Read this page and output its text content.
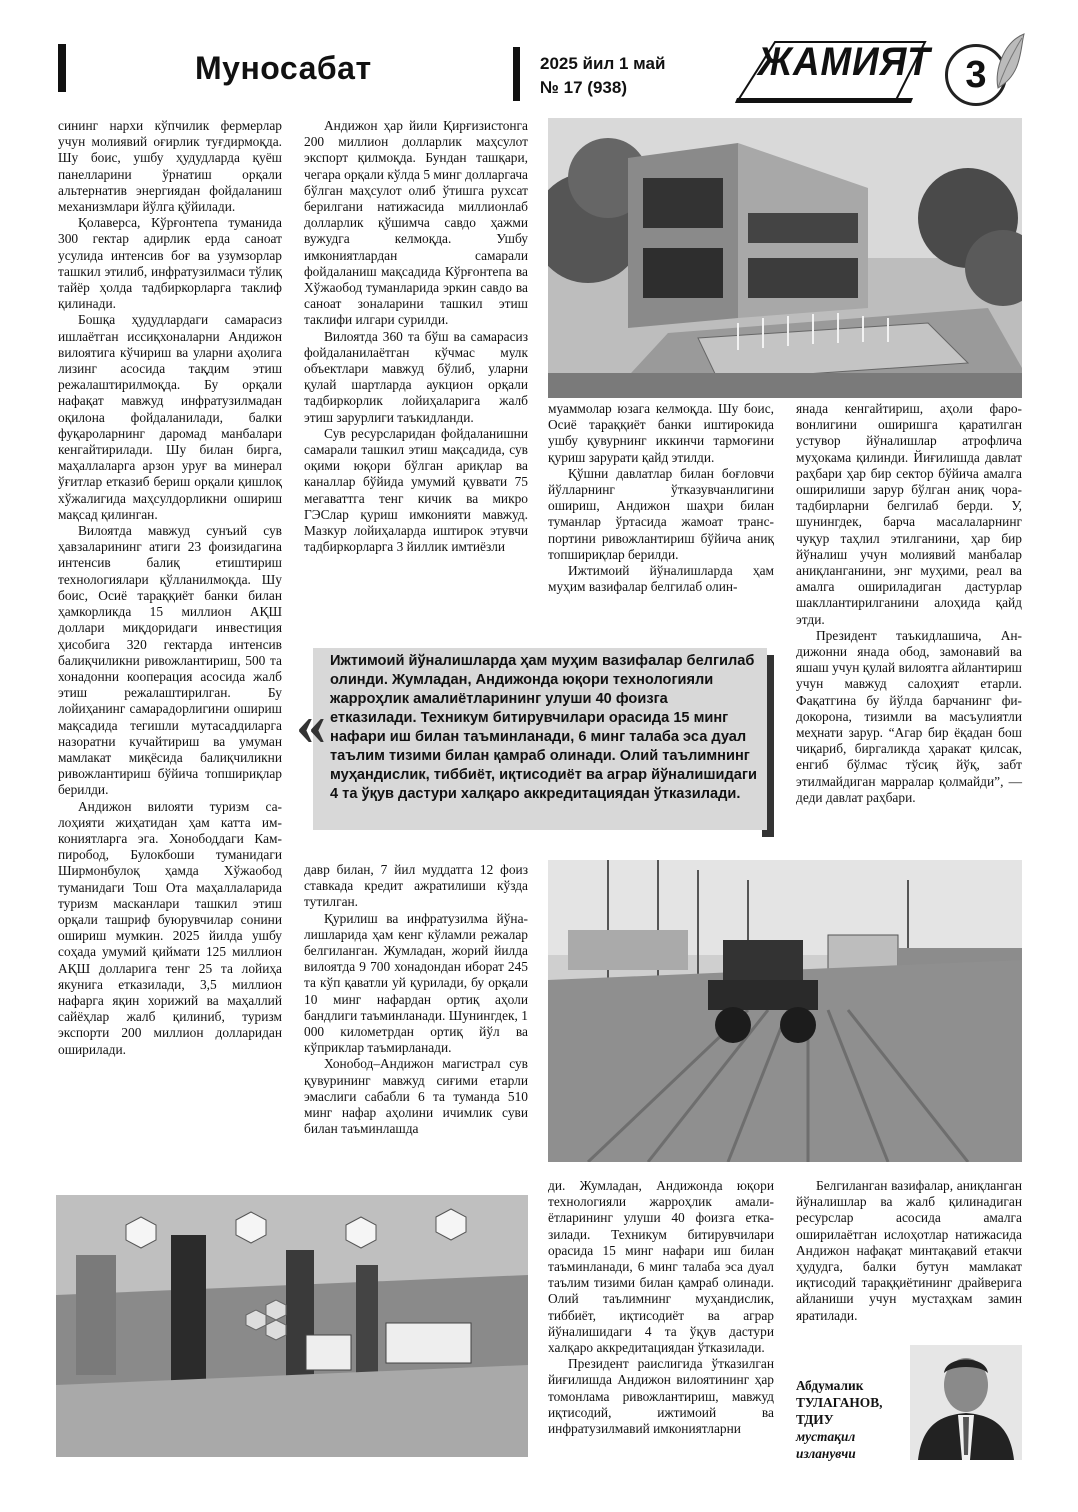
Муносабат	2025 йил 1 май
№ 17 (938)
ЖАМИЯТ 3

сининг нархи кўпчилик фермерлар учун молиявий оғирлик туғдирмоқда. Шу боис, ушбу ҳудудларда қуёш панелларини ўрнатиш орқали альтернатив энергиядан фойдаланиш механизмлари йўлга қўйилади.

Қолаверса, Кўрғонтепа туманида 300 гектар адирлик ерда саноат усулида интенсив боғ ва узумзорлар ташкил этилиб, инфратузилмаси тўлиқ тайёр ҳолда тадбиркорларга таклиф қилинади.

Бошқа ҳудудлардаги самарасиз ишлаётган иссиқхоналарни Андижон вилоятига кўчириш ва уларни аҳолига лизинг асосида тақдим этиш режалаштирилмоқда. Бу орқали нафақат мавжуд инфратузилмадан оқилона фойдаланилади, балки фуқароларнинг даромад манбалари кенгайтирилади. Шу билан бирга, маҳаллаларга арзон уруғ ва минерал ўғитлар етказиб бериш орқали қишлоқ хўжалигида маҳсулдорликни ошириш мақсад қилинган.

Вилоятда мавжуд сунъий сув ҳавзаларининг атиги 23 фоизидагина интенсив балиқ етиштириш технологиялари қўлланилмоқда. Шу боис, Осиё тараққиёт банки билан ҳамкорликда 15 миллион АҚШ доллари миқдоридаги инвестиция ҳисобига 320 гектарда интенсив балиқчиликни ривожлантириш, 500 та хонадонни кооперация асосида жалб этиш режалаштирилган. Бу лойиҳанинг самарадорлигини ошириш мақсадида тегишли мутасаддиларга назоратни кучайтириш ва умуман мамлакат миқёсида балиқчиликни ривожлантириш бўйича топшириқлар берилди.

Андижон вилояти туризм салоҳияти жиҳатидан ҳам катта имкониятларга эга. Хонободдаги Кампиробод, Булокбоши туманидаги Ширмонбулоқ ҳамда Хўжаобод туманидаги Тош Ота маҳаллаларида туризм масканлари ташкил этиш орқали ташриф буюрувчилар сонини ошириш мумкин. 2025 йилда ушбу соҳада умумий қиймати 125 миллион АҚШ долларига тенг 25 та лойиҳа якунига етказилади, 3,5 миллион нафарга яқин хорижий ва маҳаллий сайёҳлар жалб қилиниб, туризм экспорти 200 миллион долларидан оширилади.

Андижон ҳар йили Қирғизистонга 200 миллион долларлик маҳсулот экспорт қилмоқда. Бундан ташқари, чегара орқали кўлда 5 минг долларгача бўлган маҳсулот олиб ўтишга рухсат берилгани натижасида миллионлаб долларлик қўшимча савдо ҳажми вужудга келмоқда. Ушбу имкониятлардан самарали фойдаланиш мақсадида Кўрғонтепа ва Хўжаобод туманларида эркин савдо ва саноат зоналарини ташкил этиш таклифи илгари сурилди.

Вилоятда 360 та бўш ва самарасиз фойдаланилаётган кўчмас мулк объектлари мавжуд бўлиб, уларни қулай шартларда аукцион орқали тадбиркорлик лойиҳаларига жалб этиш зарурлиги таъкидланди.

Сув ресурсларидан фойдаланишни самарали ташкил этиш мақсадида, сув оқими юқори бўлган ариқлар ва каналлар бўйида умумий қуввати 75 мегаваттга тенг кичик ва микро ГЭСлар қуриш имконияти мавжуд. Мазкур лойиҳаларда иштирок этувчи тадбиркорларга 3 йиллик имтиёзли

муаммолар юзага келмоқда. Шу боис, Осиё тараққиёт банки иштирокида ушбу қувурнинг иккинчи тармоғини қуриш зарурати қайд этилди.

Қўшни давлатлар билан боғловчи йўлларнинг ўтказувчанлигини ошириш, Андижон шаҳри билан туманлар ўртасида жамоат транспортини ривожлантириш бўйича аниқ топшириқлар берилди.

Ижтимоий йўналишларда ҳам муҳим вазифалар белгилаб олин-

янада кенгайтириш, аҳоли фаровонлигини оширишга қаратилган устувор йўналишлар атрофлича муҳокама қилинди. Йиғилишда давлат раҳбари ҳар бир сектор бўйича амалга оширилиши зарур бўлган аниқ чора-тадбирларни белгилаб берди. У, шунингдек, барча масалаларнинг чуқур таҳлил этилганини, ҳар бир йўналиш учун молиявий манбалар аниқланганини, энг муҳими, реал ва амалга ошириладиган дастурлар шакллантирилганини алоҳида қайд этди.

Президент таъкидлашича, Андижонни янада обод, замонавий ва яшаш учун қулай вилоятга айлантириш учун мавжуд салоҳият етарли. Фақатгина бу йўлда барчанинг фидокорона, тизимли ва масъулиятли меҳнати зарур. “Агар бир ёқадан бош чиқариб, биргаликда ҳаракат қилсак, енгиб бўлмас тўсиқ йўқ, забт этилмайдиган марралар қолмайди”, — деди давлат раҳбари.

«

Ижтимоий йўналишларда ҳам муҳим вазифалар белгилаб олинди. Жумладан, Андижонда юқори технологияли жарроҳлик амалиётларининг улуши 40 фоизга етказилади. Техникум битирувчилари орасида 15 минг нафари иш билан таъминланади, 6 минг талаба эса дуал таълим тизими билан қамраб олинади. Олий таълимнинг муҳандислик, тиббиёт, иқтисодиёт ва аграр йўналишидаги 4 та ўқув дастури халқаро аккредитациядан ўтказилади.

давр билан, 7 йил муддатга 12 фоиз ставкада кредит ажратилиши кўзда тутилган.

Қурилиш ва инфратузилма йўналишларида ҳам кенг кўламли режалар белгиланган. Жумладан, жорий йилда вилоятда 9 700 хонадондан иборат 245 та кўп қаватли уй қурилади, бу орқали 10 минг нафардан ортиқ аҳоли бандлиги таъминланади. Шунингдек, 1 000 километрдан ортиқ йўл ва кўприклар таъмирланади.

Хонобод–Андижон магистрал сув қувурининг мавжуд сиғими етарли эмаслиги сабабли 6 та туманда 510 минг нафар аҳолини ичимлик суви билан таъминлашда

ди. Жумладан, Андижонда юқори технологияли жарроҳлик амалиётларининг улуши 40 фоизга етказилади. Техникум битирувчилари орасида 15 минг нафари иш билан таъминланади, 6 минг талаба эса дуал таълим тизими билан қамраб олинади. Олий таълимнинг муҳандислик, тиббиёт, иқтисодиёт ва аграр йўналишидаги 4 та ўқув дастури халқаро аккредитациядан ўтказилади.

Президент раислигида ўтказилган йиғилишда Андижон вилоятининг ҳар томонлама ривожлантириш, мавжуд иқтисодий, ижтимоий ва инфратузилмавий имкониятларни

Белгиланган вазифалар, аниқланган йўналишлар ва жалб қилинадиган ресурслар асосида амалга оширилаётган ислоҳотлар натижасида Андижон нафақат минтақавий етакчи ҳудудга, балки бутун мамлакат иқтисодий тараққиётининг драйверига айланиши учун мустаҳкам замин яратилади.

Абдумалик
ТУЛАГАНОВ,
ТДИУ
мустақил
изланувчи
